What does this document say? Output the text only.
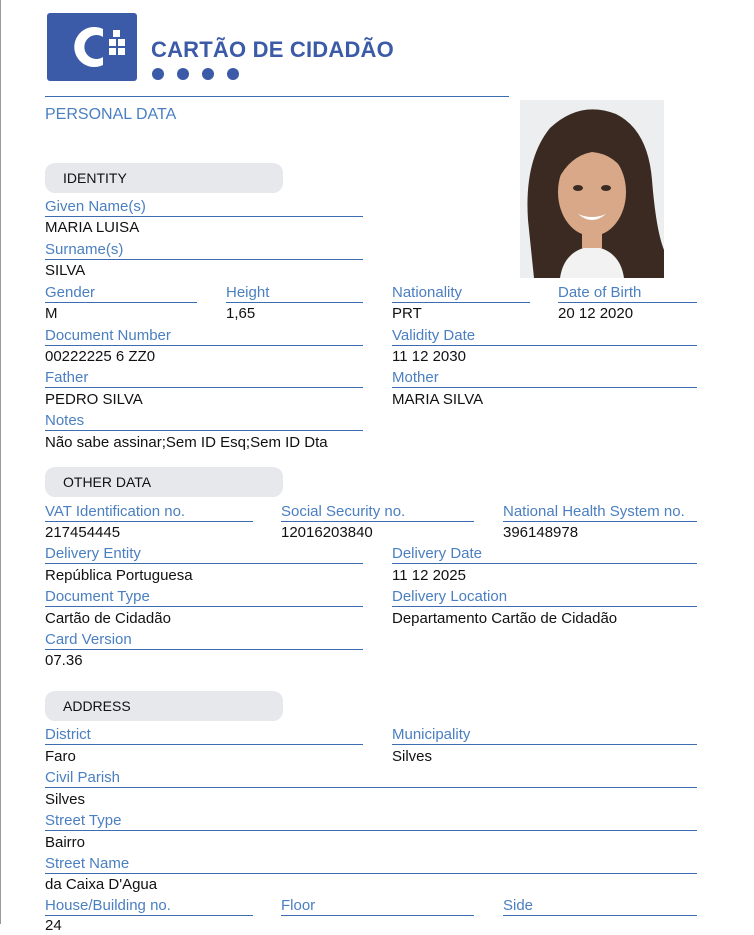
CARTÃO DE CIDADÃO
PERSONAL DATA
IDENTITY
Given Name(s)
MARIA LUISA
Surname(s)
SILVA
Gender
M
Height
1,65
Nationality
PRT
Date of Birth
20 12 2020
Document Number
00222225 6 ZZ0
Validity Date
11 12 2030
Father
PEDRO SILVA
Mother
MARIA SILVA
Notes
Não sabe assinar;Sem ID Esq;Sem ID Dta
OTHER DATA
VAT Identification no.
217454445
Social Security no.
12016203840
National Health System no.
396148978
Delivery Entity
República Portuguesa
Delivery Date
11 12 2025
Document Type
Cartão de Cidadão
Delivery Location
Departamento Cartão de Cidadão
Card Version
07.36
ADDRESS
District
Faro
Municipality
Silves
Civil Parish
Silves
Street Type
Bairro
Street Name
da Caixa D'Agua
House/Building no.
24
Floor	Side
